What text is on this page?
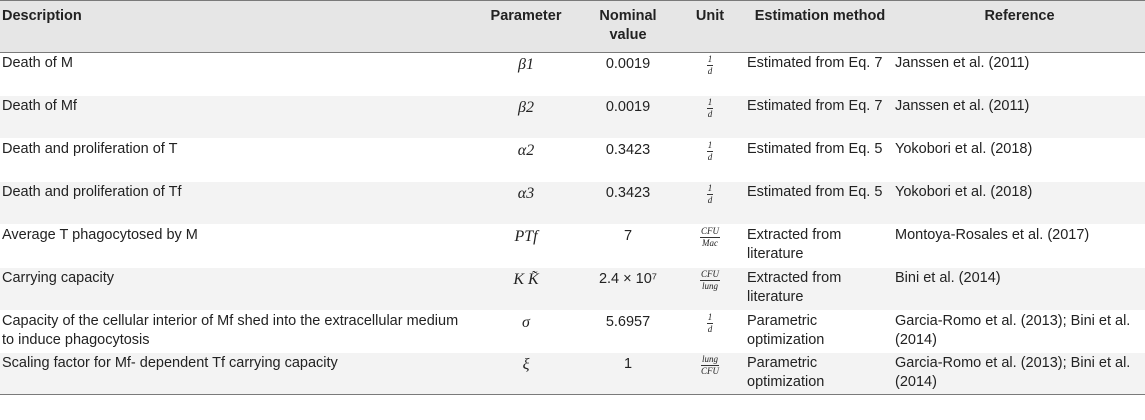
Description	Parameter	Nominal value	Unit	Estimation method	Reference
Death of M	β1	0.0019	$\frac{1}{d}$	Estimated from Eq. 7	Janssen et al. (2011)
Death of Mf	β2	0.0019	$\frac{1}{d}$	Estimated from Eq. 7	Janssen et al. (2011)
Death and proliferation of T	α2	0.3423	$\frac{1}{d}$	Estimated from Eq. 5	Yokobori et al. (2018)
Death and proliferation of Tf	α3	0.3423	$\frac{1}{d}$	Estimated from Eq. 5	Yokobori et al. (2018)
Average T phagocytosed by M	PTf	7	$\frac{\text{CFU}}{\text{Mac}}$	Extracted from literature	Montoya-Rosales et al. (2017)
Carrying capacity	K K̃	2.4 × 10⁷	$\frac{\text{CFU}}{\text{lung}}$	Extracted from literature	Bini et al. (2014)
Capacity of the cellular interior of Mf shed into the extracellular medium to induce phagocytosis	σ	5.6957	$\frac{1}{d}$	Parametric optimization	Garcia-Romo et al. (2013); Bini et al. (2014)
Scaling factor for Mf- dependent Tf carrying capacity	ξ	1	$\frac{\text{lung}}{\text{CFU}}$	Parametric optimization	Garcia-Romo et al. (2013); Bini et al. (2014)
